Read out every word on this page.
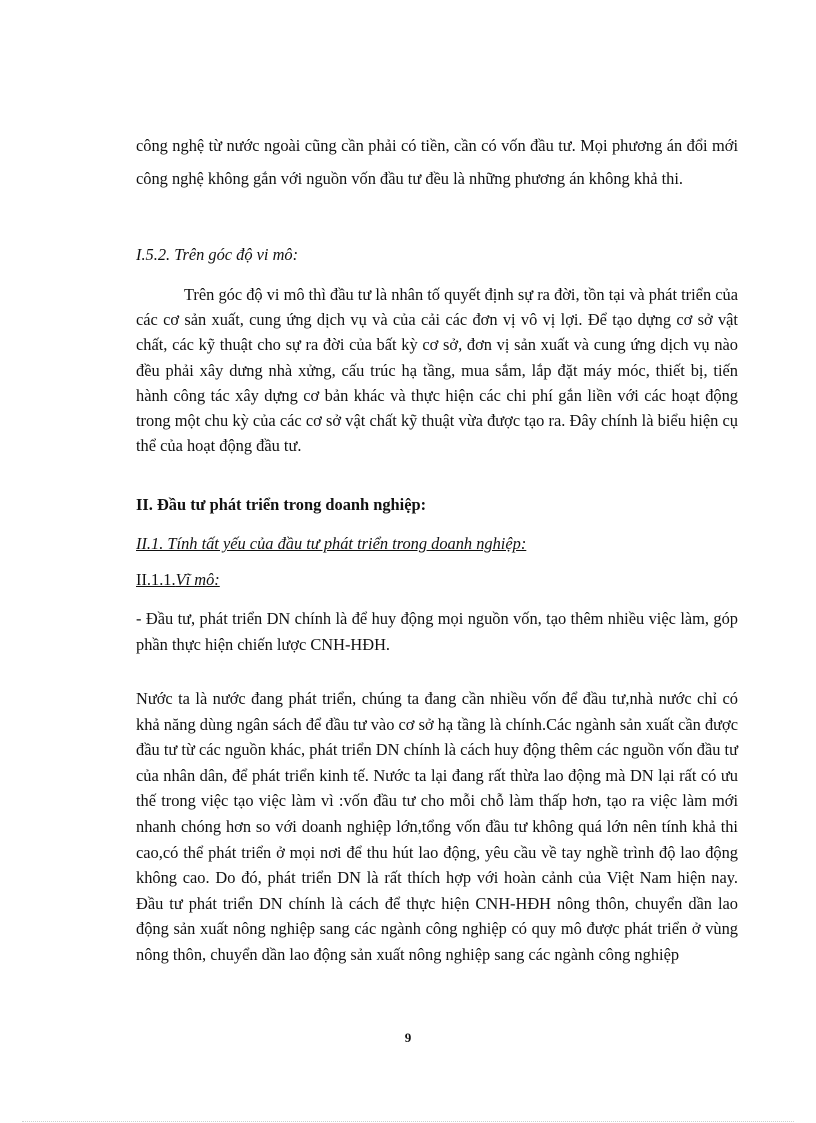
công nghệ từ nước ngoài cũng cần phải có tiền, cần có vốn đầu tư. Mọi phương án đổi mới công nghệ không gắn với nguồn vốn đầu tư đều là những phương án không khả thi.

I.5.2. Trên góc độ vi mô:

Trên góc độ vi mô thì đầu tư là nhân tố quyết định sự ra đời, tồn tại và phát triển của các cơ sản xuất, cung ứng dịch vụ và của cải các đơn vị vô vị lợi. Để tạo dựng cơ sở vật chất, các kỹ thuật cho sự ra đời của bất kỳ cơ sở, đơn vị sản xuất và cung ứng dịch vụ nào đều phải xây dưng nhà xửng, cấu trúc hạ tầng, mua sắm, lắp đặt máy móc, thiết bị, tiến hành công tác xây dựng cơ bản khác và thực hiện các chi phí gắn liền với các hoạt động trong một chu kỳ của các cơ sở vật chất kỹ thuật vừa được tạo ra. Đây chính là biểu hiện cụ thể của hoạt động đầu tư.

II. Đầu tư phát triển trong doanh nghiệp:

II.1. Tính tất yếu của đầu tư phát triển trong doanh nghiệp:

II.1.1.Vĩ mô:

- Đầu tư, phát triển DN chính là để huy động mọi nguồn vốn, tạo thêm nhiều việc làm, góp phần thực hiện chiến lược CNH-HĐH.

Nước ta là nước đang phát triển, chúng ta đang cần nhiều vốn để đầu tư,nhà nước chỉ có khả năng dùng ngân sách để đầu tư vào cơ sở hạ tầng là chính.Các ngành sản xuất cần được đầu tư từ các nguồn khác, phát triển DN chính là cách huy động thêm các nguồn vốn đầu tư của nhân dân, để phát triển kinh tế. Nước ta lại đang rất thừa lao động mà DN lại rất có ưu thế trong việc tạo việc làm vì :vốn đầu tư cho mỗi chỗ làm thấp hơn, tạo ra việc làm mới nhanh chóng hơn so với doanh nghiệp lớn,tổng vốn đầu tư không quá lớn nên tính khả thi cao,có thể phát triển ở mọi nơi để thu hút lao động, yêu cầu về tay nghề trình độ lao động không cao. Do đó, phát triển DN là rất thích hợp với hoàn cảnh của Việt Nam hiện nay. Đầu tư phát triển DN chính là cách để thực hiện CNH-HĐH nông thôn, chuyển dần lao động sản xuất nông nghiệp sang các ngành công nghiệp có quy mô được phát triển ở vùng nông thôn, chuyển dần lao động sản xuất nông nghiệp sang các ngành công nghiệp

9
